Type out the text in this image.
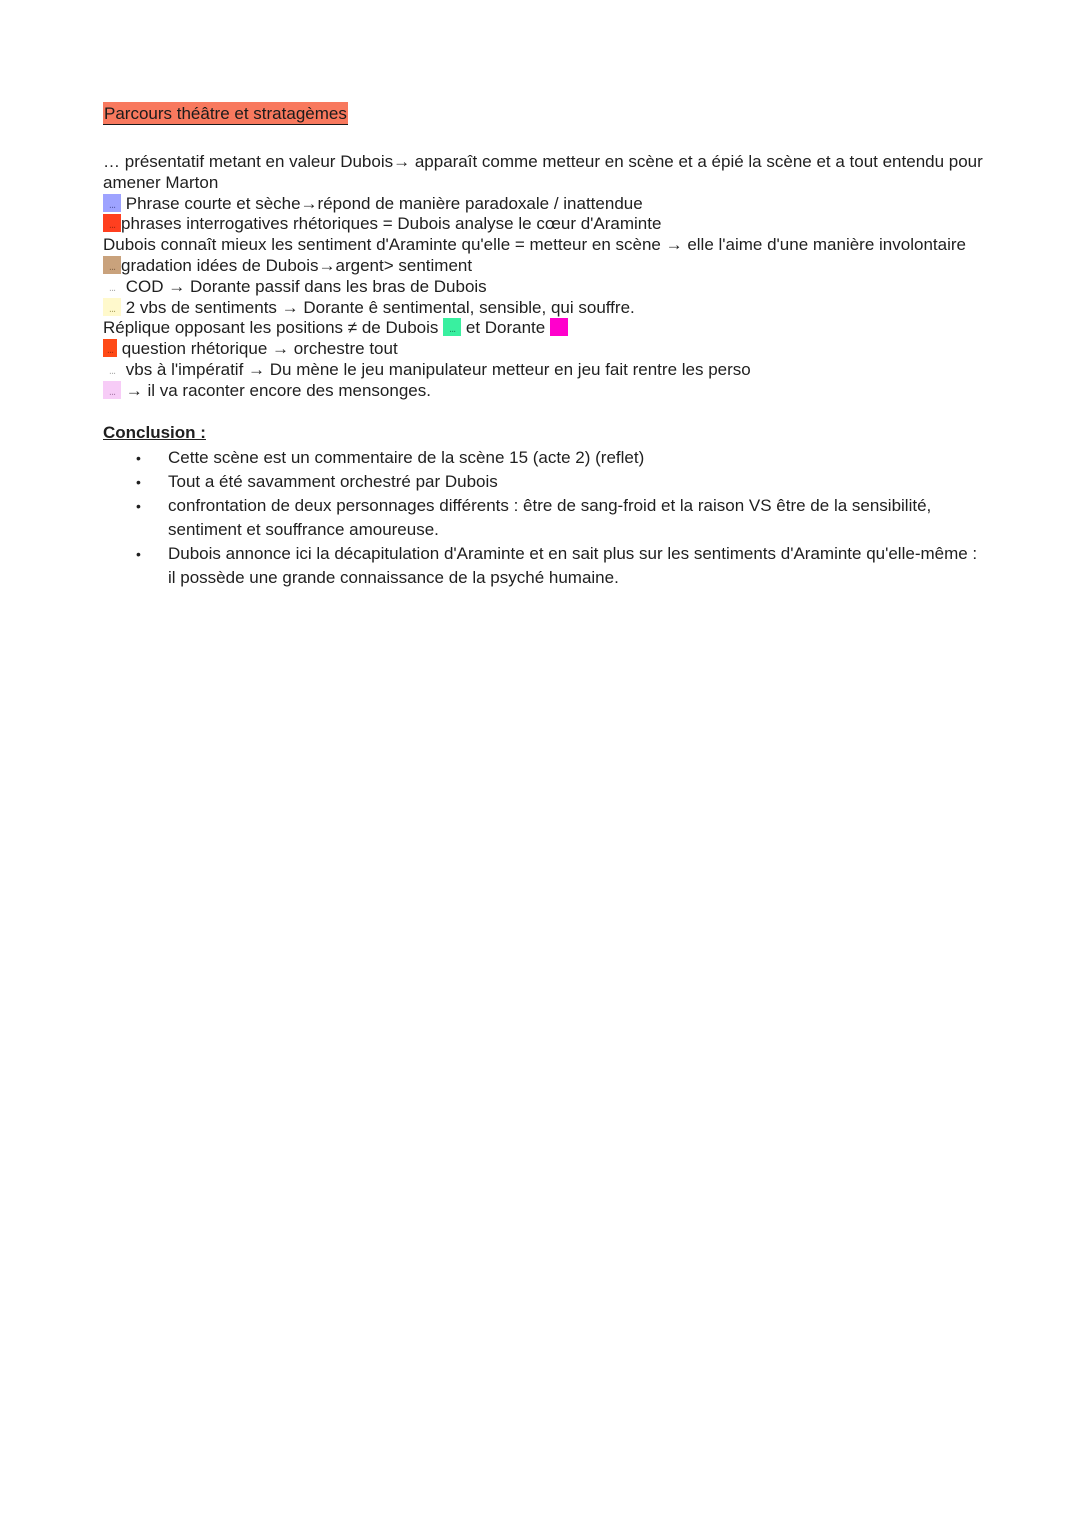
Parcours théâtre et stratagèmes

… présentatif metant en valeur Dubois→ apparaît comme metteur en scène et a épié la scène et a tout entendu pour amener Marton

... Phrase courte et sèche→répond de manière paradoxale / inattendue

... phrases interrogatives rhétoriques = Dubois analyse le cœur d'Araminte

Dubois connaît mieux les sentiment d'Araminte qu'elle = metteur en scène → elle l'aime d'une manière involontaire

... gradation idées de Dubois→argent> sentiment

... COD → Dorante passif dans les bras de Dubois

... 2 vbs de sentiments → Dorante ê sentimental, sensible, qui souffre.

Réplique opposant les positions ≠ de Dubois ... et Dorante

... question rhétorique → orchestre tout

... vbs à l'impératif → Du mène le jeu manipulateur metteur en jeu fait rentre les perso

... → il va raconter encore des mensonges.

Conclusion :

• Cette scène est un commentaire de la scène 15 (acte 2) (reflet)
• Tout a été savamment orchestré par Dubois
• confrontation de deux personnages différents : être de sang-froid et la raison VS être de la sensibilité, sentiment et souffrance amoureuse.
• Dubois annonce ici la décapitulation d'Araminte et en sait plus sur les sentiments d'Araminte qu'elle-même : il possède une grande connaissance de la psyché humaine.
